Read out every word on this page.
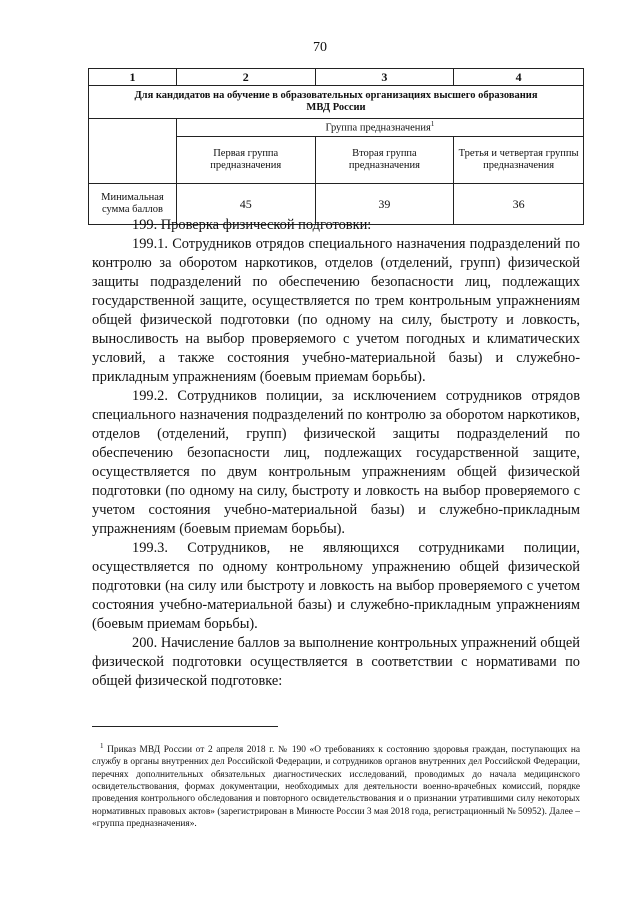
70
1	2	3	4
Для кандидатов на обучение в образовательных организациях высшего образования
МВД России			
	Группа предназначения$^1$
	Первая группа предназначения	Вторая группа предназначения	Третья и четвертая группы предназначения
Минимальная сумма баллов	45	39	36

199. Проверка физической подготовки:

199.1. Сотрудников отрядов специального назначения подразделений по контролю за оборотом наркотиков, отделов (отделений, групп) физической защиты подразделений по обеспечению безопасности лиц, подлежащих государственной защите, осуществляется по трем контрольным упражнениям общей физической подготовки (по одному на силу, быстроту и ловкость, выносливость на выбор проверяемого с учетом погодных и климатических условий, а также состояния учебно-материальной базы) и служебно-прикладным упражнениям (боевым приемам борьбы).

199.2. Сотрудников полиции, за исключением сотрудников отрядов специального назначения подразделений по контролю за оборотом наркотиков, отделов (отделений, групп) физической защиты подразделений по обеспечению безопасности лиц, подлежащих государственной защите, осуществляется по двум контрольным упражнениям общей физической подготовки (по одному на силу, быстроту и ловкость на выбор проверяемого с учетом состояния учебно-материальной базы) и служебно-прикладным упражнениям (боевым приемам борьбы).

199.3. Сотрудников, не являющихся сотрудниками полиции, осуществляется по одному контрольному упражнению общей физической подготовки (на силу или быстроту и ловкость на выбор проверяемого с учетом состояния учебно-материальной базы) и служебно-прикладным упражнениям (боевым приемам борьбы).

200. Начисление баллов за выполнение контрольных упражнений общей физической подготовки осуществляется в соответствии с нормативами по общей физической подготовке:

$^1$ Приказ МВД России от 2 апреля 2018 г. № 190 «О требованиях к состоянию здоровья граждан, поступающих на службу в органы внутренних дел Российской Федерации, и сотрудников органов внутренних дел Российской Федерации, перечнях дополнительных обязательных диагностических исследований, проводимых до начала медицинского освидетельствования, формах документации, необходимых для деятельности военно-врачебных комиссий, порядке проведения контрольного обследования и повторного освидетельствования и о признании утратившими силу некоторых нормативных правовых актов» (зарегистрирован в Минюсте России 3 мая 2018 года, регистрационный № 50952). Далее – «группа предназначения».
